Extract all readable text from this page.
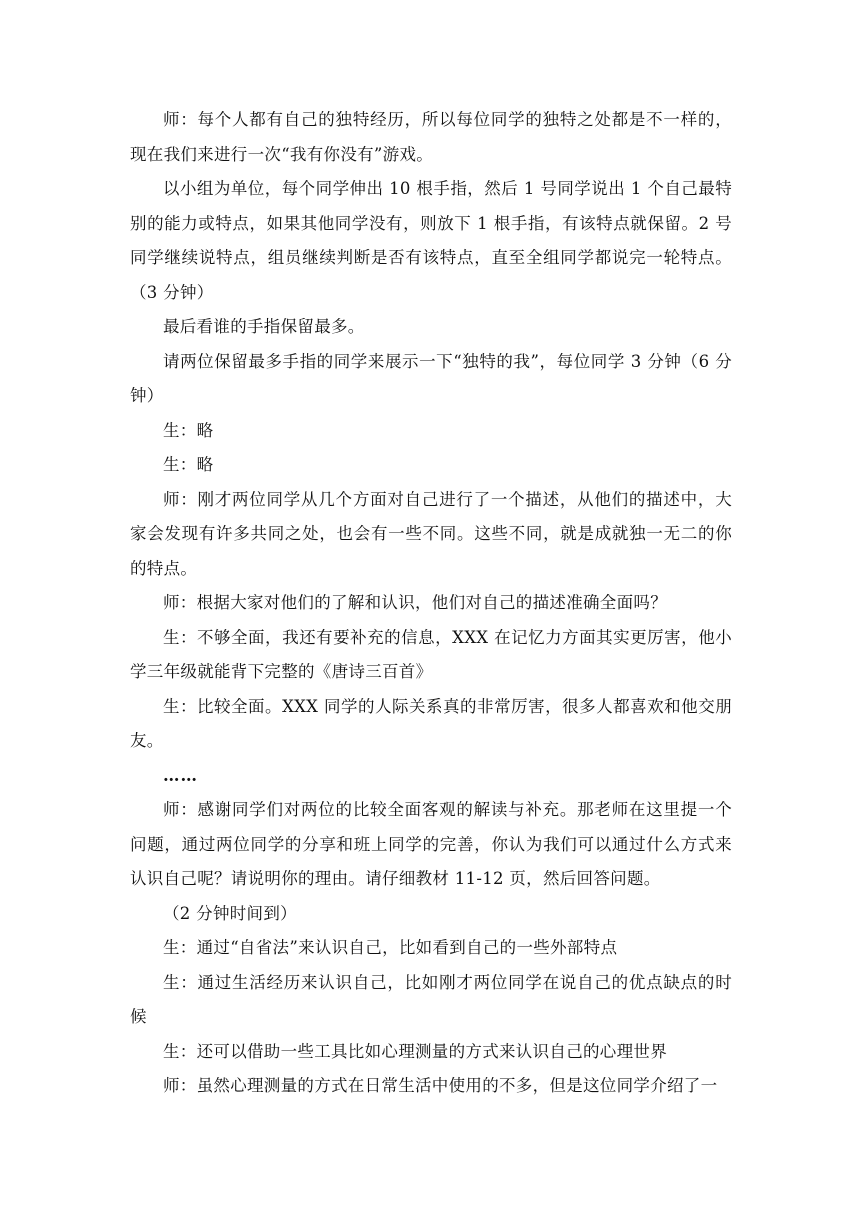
师：每个人都有自己的独特经历，所以每位同学的独特之处都是不一样的，现在我们来进行一次“我有你没有”游戏。

以小组为单位，每个同学伸出 10 根手指，然后 1 号同学说出 1 个自己最特别的能力或特点，如果其他同学没有，则放下 1 根手指，有该特点就保留。2 号同学继续说特点，组员继续判断是否有该特点，直至全组同学都说完一轮特点。（3 分钟）

最后看谁的手指保留最多。

请两位保留最多手指的同学来展示一下“独特的我”，每位同学 3 分钟（6 分钟）

生：略

生：略

师：刚才两位同学从几个方面对自己进行了一个描述，从他们的描述中，大家会发现有许多共同之处，也会有一些不同。这些不同，就是成就独一无二的你的特点。

师：根据大家对他们的了解和认识，他们对自己的描述准确全面吗？

生：不够全面，我还有要补充的信息，XXX 在记忆力方面其实更厉害，他小学三年级就能背下完整的《唐诗三百首》

生：比较全面。XXX 同学的人际关系真的非常厉害，很多人都喜欢和他交朋友。

……

师：感谢同学们对两位的比较全面客观的解读与补充。那老师在这里提一个问题，通过两位同学的分享和班上同学的完善，你认为我们可以通过什么方式来认识自己呢？请说明你的理由。请仔细教材 11-12 页，然后回答问题。

（2 分钟时间到）

生：通过“自省法”来认识自己，比如看到自己的一些外部特点

生：通过生活经历来认识自己，比如刚才两位同学在说自己的优点缺点的时候

生：还可以借助一些工具比如心理测量的方式来认识自己的心理世界

师：虽然心理测量的方式在日常生活中使用的不多，但是这位同学介绍了一
